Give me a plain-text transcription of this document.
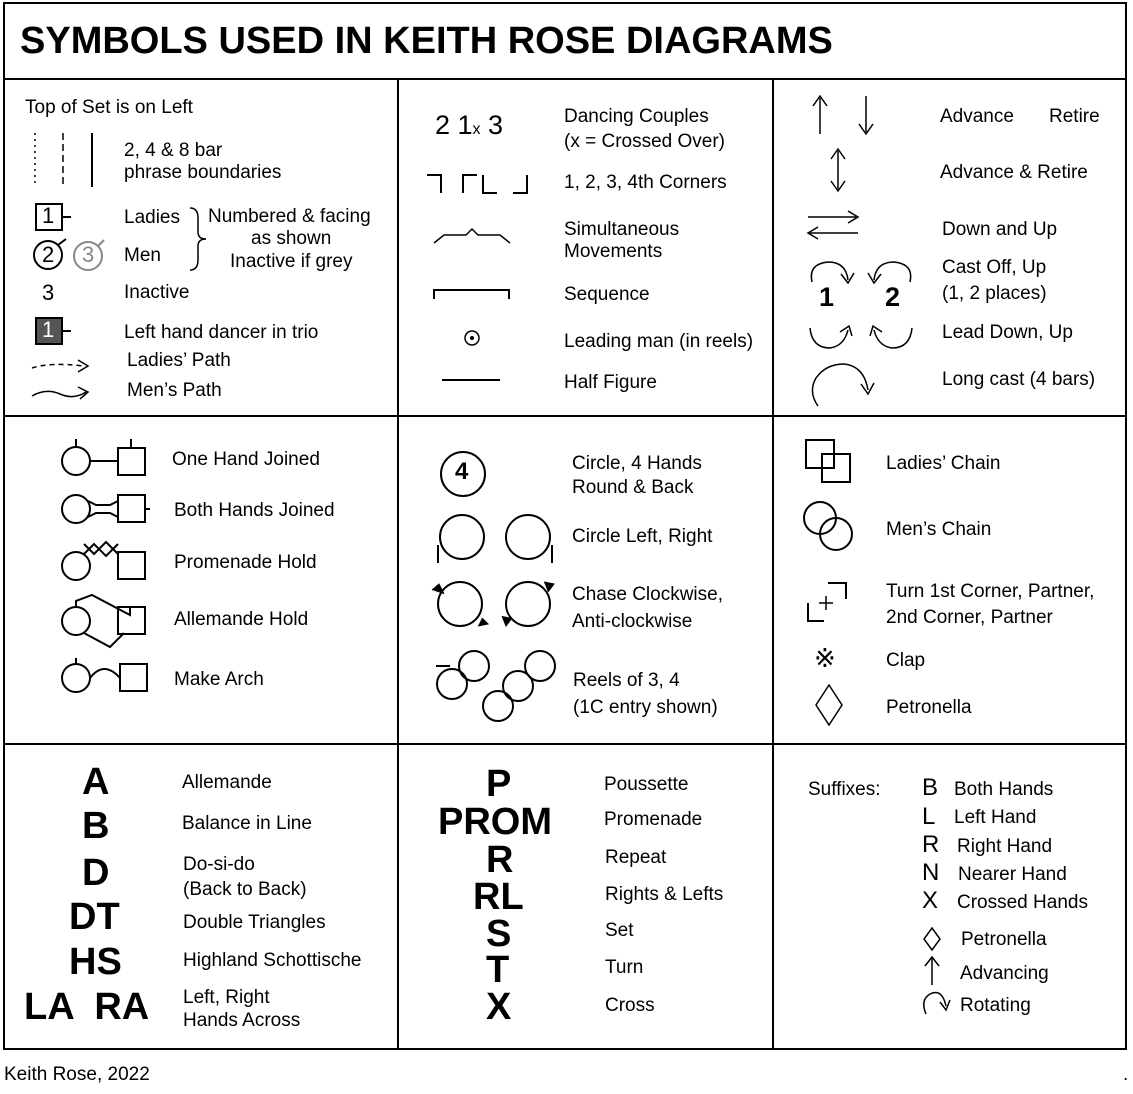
SYMBOLS USED IN KEITH ROSE DIAGRAMS
Top of Set is on Left
2, 4 & 8 bar
phrase boundaries
1
2 3
Ladies
Men
Numbered & facing
as shown
Inactive if grey
3	Inactive
1	Left hand dancer in trio
Ladies’ Path
Men’s Path
2 1x 3	Dancing Couples
(x = Crossed Over)
1, 2, 3, 4th Corners
Simultaneous
Movements
Sequence
Leading man (in reels)
Half Figure
Advance Retire
Advance & Retire
Down and Up
1 2
Cast Off, Up
(1, 2 places)
Lead Down, Up
Long cast (4 bars)
One Hand Joined
Both Hands Joined
Promenade Hold
Allemande Hold
Make Arch
4	Circle, 4 Hands
Round & Back
Circle Left, Right
Chase Clockwise,
Anti-clockwise
Reels of 3, 4
(1C entry shown)
Ladies’ Chain
Men’s Chain
Turn 1st Corner, Partner,
2nd Corner, Partner
※	Clap
Petronella
A	Allemande
B	Balance in Line
D	Do-si-do
(Back to Back)
DT	Double Triangles
HS	Highland Schottische
LA  RA Left, Right
Hands Across
P	Poussette
PROM	Promenade
R	Repeat
RL	Rights & Lefts
S	Set
T	Turn
X	Cross
Suffixes: B Both Hands
L Left Hand
R Right Hand
N Nearer Hand
X Crossed Hands
Petronella
Advancing
Rotating
Keith Rose, 2022	.
